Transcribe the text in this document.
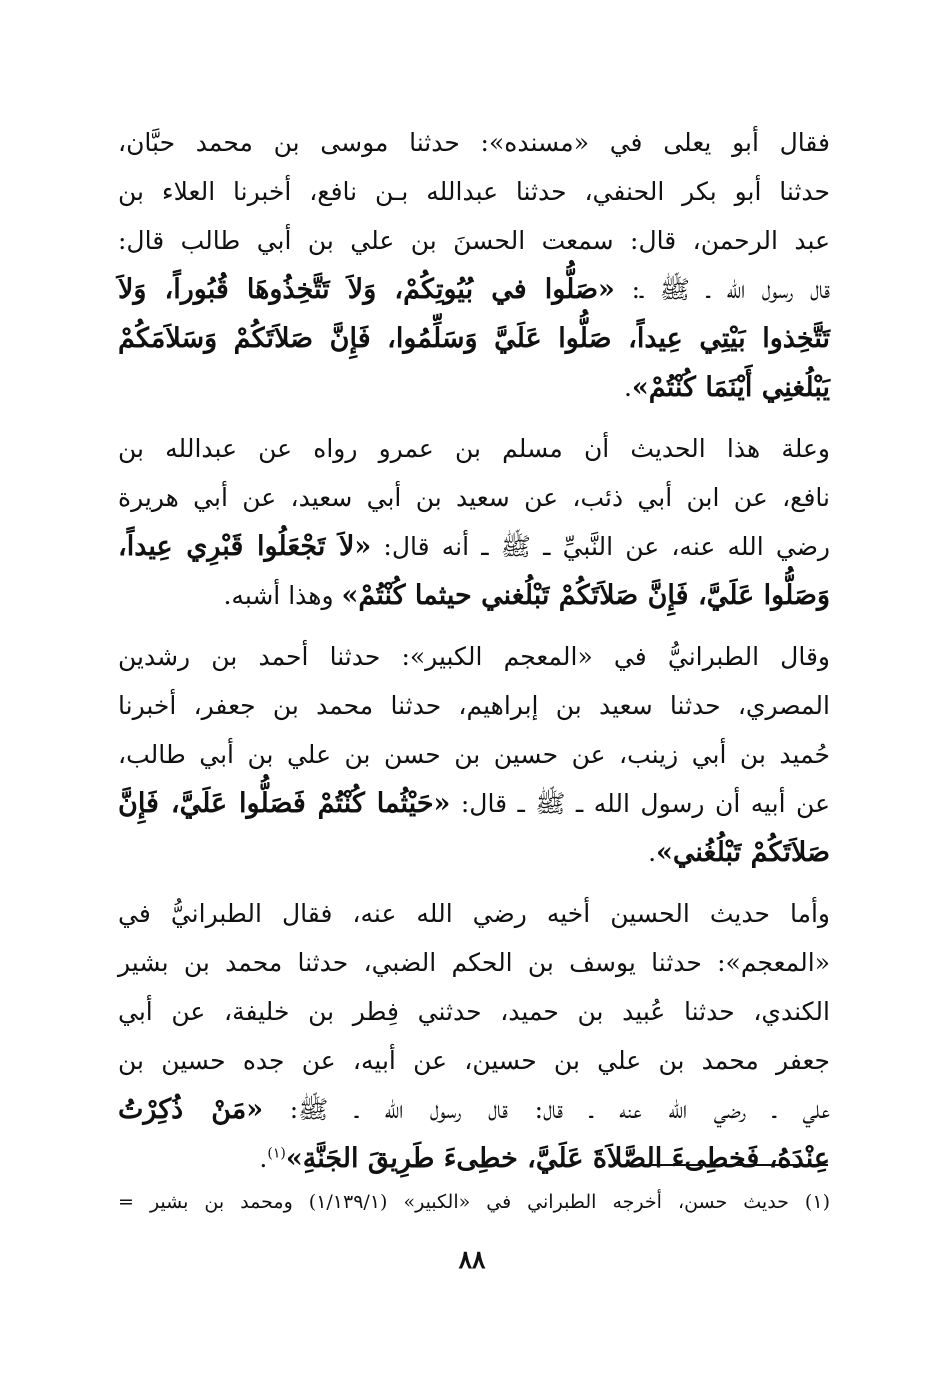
فقال أبو يعلى في «مسنده»: حدثنا موسى بن محمد حبَّان،
حدثنا أبو بكر الحنفي، حدثنا عبدالله بـن نافع، أخبرنا العلاء بن
عبد الرحمن، قال: سمعت الحسنَ بن علي بن أبي طالب قال:
قال رسول الله ـ ﷺ ـ: «صَلُّوا في بُيُوتِكُمْ، وَلاَ تَتَّخِذُوهَا قُبُوراً، وَلاَ
تَتَّخِذوا بَيْتِي عِيداً، صَلُّوا عَلَيَّ وَسَلِّمُوا، فَإِنَّ صَلاَتَكُمْ وَسَلاَمَكُمْ
يَبْلُغنِي أَيْنَمَا كُنْتُمْ».

وعلة هذا الحديث أن مسلم بن عمرو رواه عن عبدالله بن
نافع، عن ابن أبي ذئب، عن سعيد بن أبي سعيد، عن أبي هريرة
رضي الله عنه، عن النَّبيِّ ـ ﷺ ـ أنه قال: «لاَ تَجْعَلُوا قَبْرِي عِيداً،
وَصَلُّوا عَلَيَّ، فَإِنَّ صَلاَتَكُمْ تَبْلُغني حيثما كُنْتُمْ» وهذا أشبه.

وقال الطبرانيُّ في «المعجم الكبير»: حدثنا أحمد بن رشدين
المصري، حدثنا سعيد بن إبراهيم، حدثنا محمد بن جعفر، أخبرنا
حُميد بن أبي زينب، عن حسين بن حسن بن علي بن أبي طالب،
عن أبيه أن رسول الله ـ ﷺ ـ قال: «حَيْثُما كُنْتُمْ فَصَلُّوا عَلَيَّ، فَإِنَّ
صَلاَتَكُمْ تَبْلُغُني».

وأما حديث الحسين أخيه رضي الله عنه، فقال الطبرانيُّ في
«المعجم»: حدثنا يوسف بن الحكم الضبي، حدثنا محمد بن بشير
الكندي، حدثنا عُبيد بن حميد، حدثني فِطر بن خليفة، عن أبي
جعفر محمد بن علي بن حسين، عن أبيه، عن جده حسين بن
علي ـ رضي الله عنه ـ قال: قال رسول الله ـ ﷺ: «مَنْ ذُكِرْتُ
عِنْدَهُ، فَخطِىءَ الصَّلاَةَ عَلَيَّ، خطِىءَ طَرِيقَ الجَنَّةِ»$^{(١)}$.

(١) حديث حسن، أخرجه الطبراني في «الكبير» (١/١٣٩/١) ومحمد بن بشير =
٨٨
